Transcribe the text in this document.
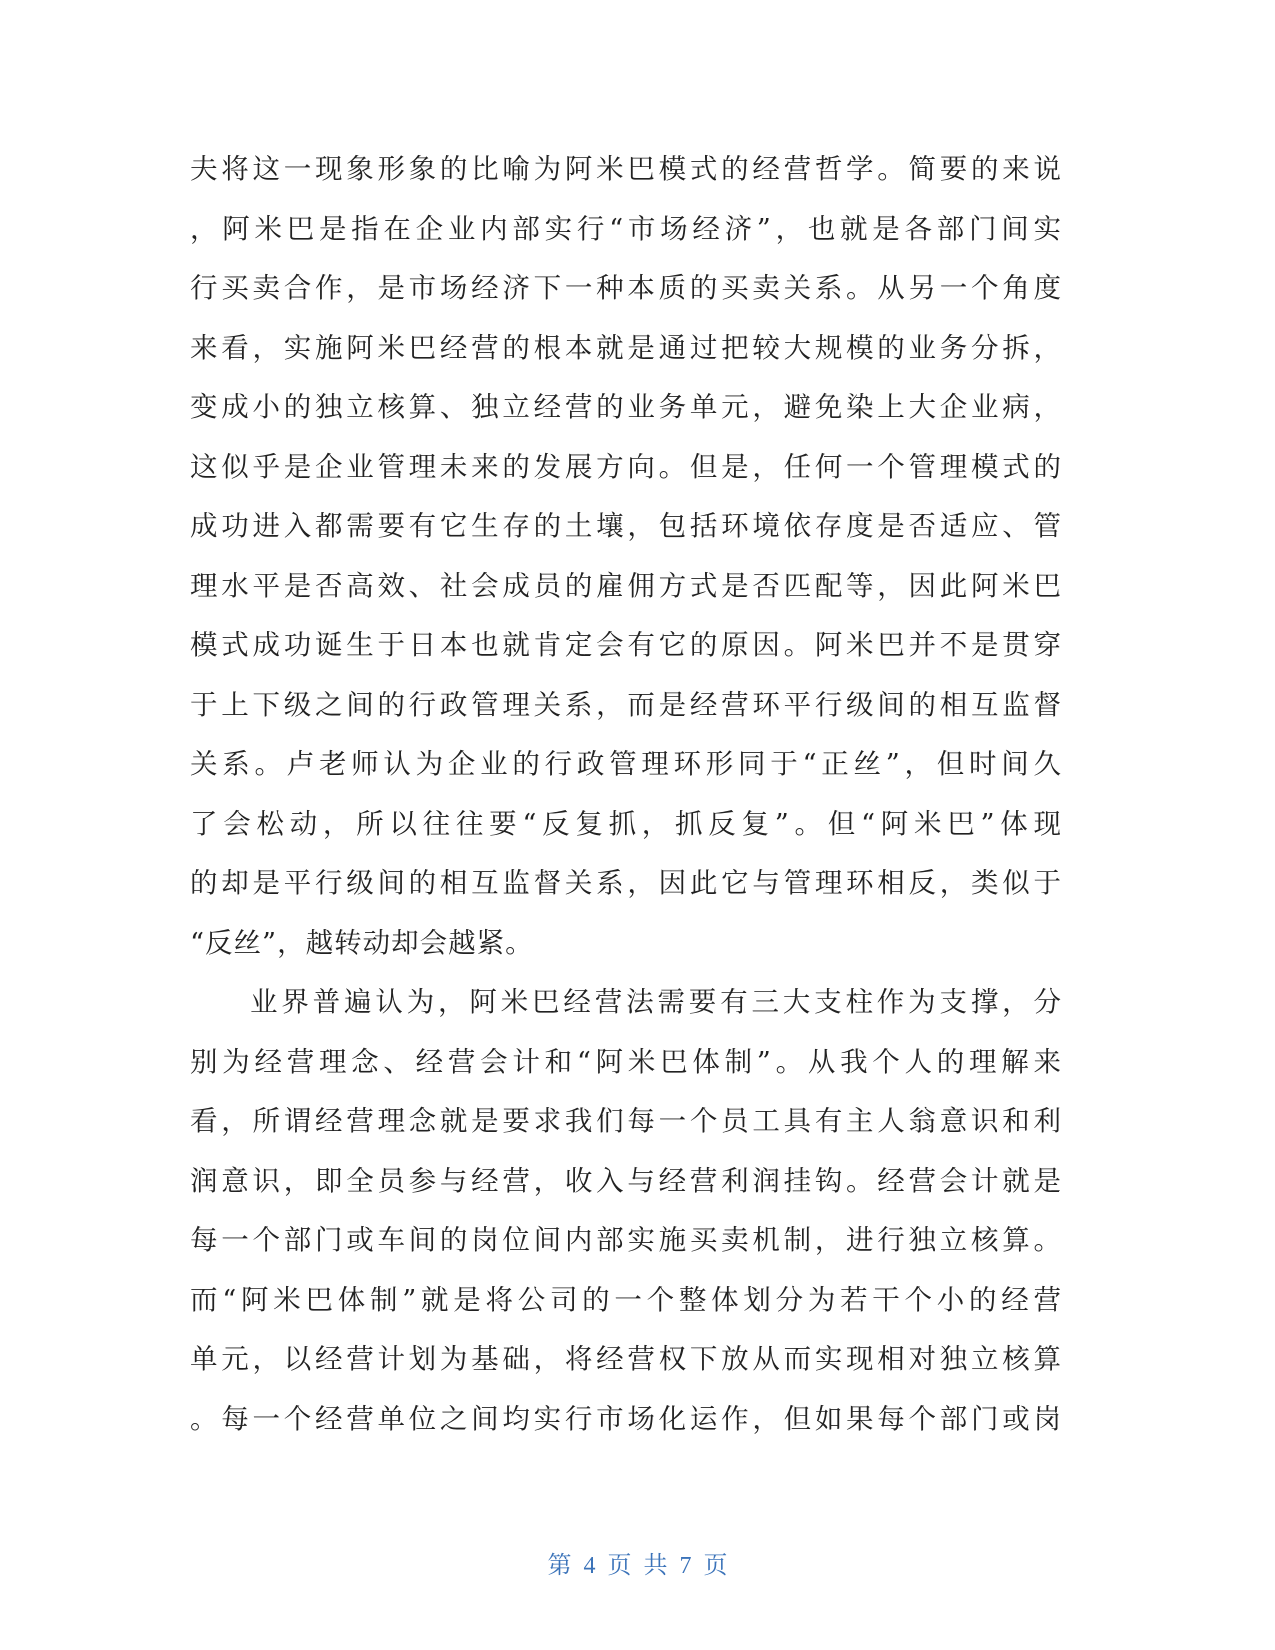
夫将这一现象形象的比喻为阿米巴模式的经营哲学。简要的来说
，阿米巴是指在企业内部实行“市场经济”，也就是各部门间实
行买卖合作，是市场经济下一种本质的买卖关系。从另一个角度
来看，实施阿米巴经营的根本就是通过把较大规模的业务分拆，
变成小的独立核算、独立经营的业务单元，避免染上大企业病，
这似乎是企业管理未来的发展方向。但是，任何一个管理模式的
成功进入都需要有它生存的土壤，包括环境依存度是否适应、管
理水平是否高效、社会成员的雇佣方式是否匹配等，因此阿米巴
模式成功诞生于日本也就肯定会有它的原因。阿米巴并不是贯穿
于上下级之间的行政管理关系，而是经营环平行级间的相互监督
关系。卢老师认为企业的行政管理环形同于“正丝”，但时间久
了会松动，所以往往要“反复抓，抓反复”。但“阿米巴”体现
的却是平行级间的相互监督关系，因此它与管理环相反，类似于
“反丝”，越转动却会越紧。
业界普遍认为，阿米巴经营法需要有三大支柱作为支撑，分
别为经营理念、经营会计和“阿米巴体制”。从我个人的理解来
看，所谓经营理念就是要求我们每一个员工具有主人翁意识和利
润意识，即全员参与经营，收入与经营利润挂钩。经营会计就是
每一个部门或车间的岗位间内部实施买卖机制，进行独立核算。
而“阿米巴体制”就是将公司的一个整体划分为若干个小的经营
单元，以经营计划为基础，将经营权下放从而实现相对独立核算
。每一个经营单位之间均实行市场化运作，但如果每个部门或岗
第 4 页 共 7 页
